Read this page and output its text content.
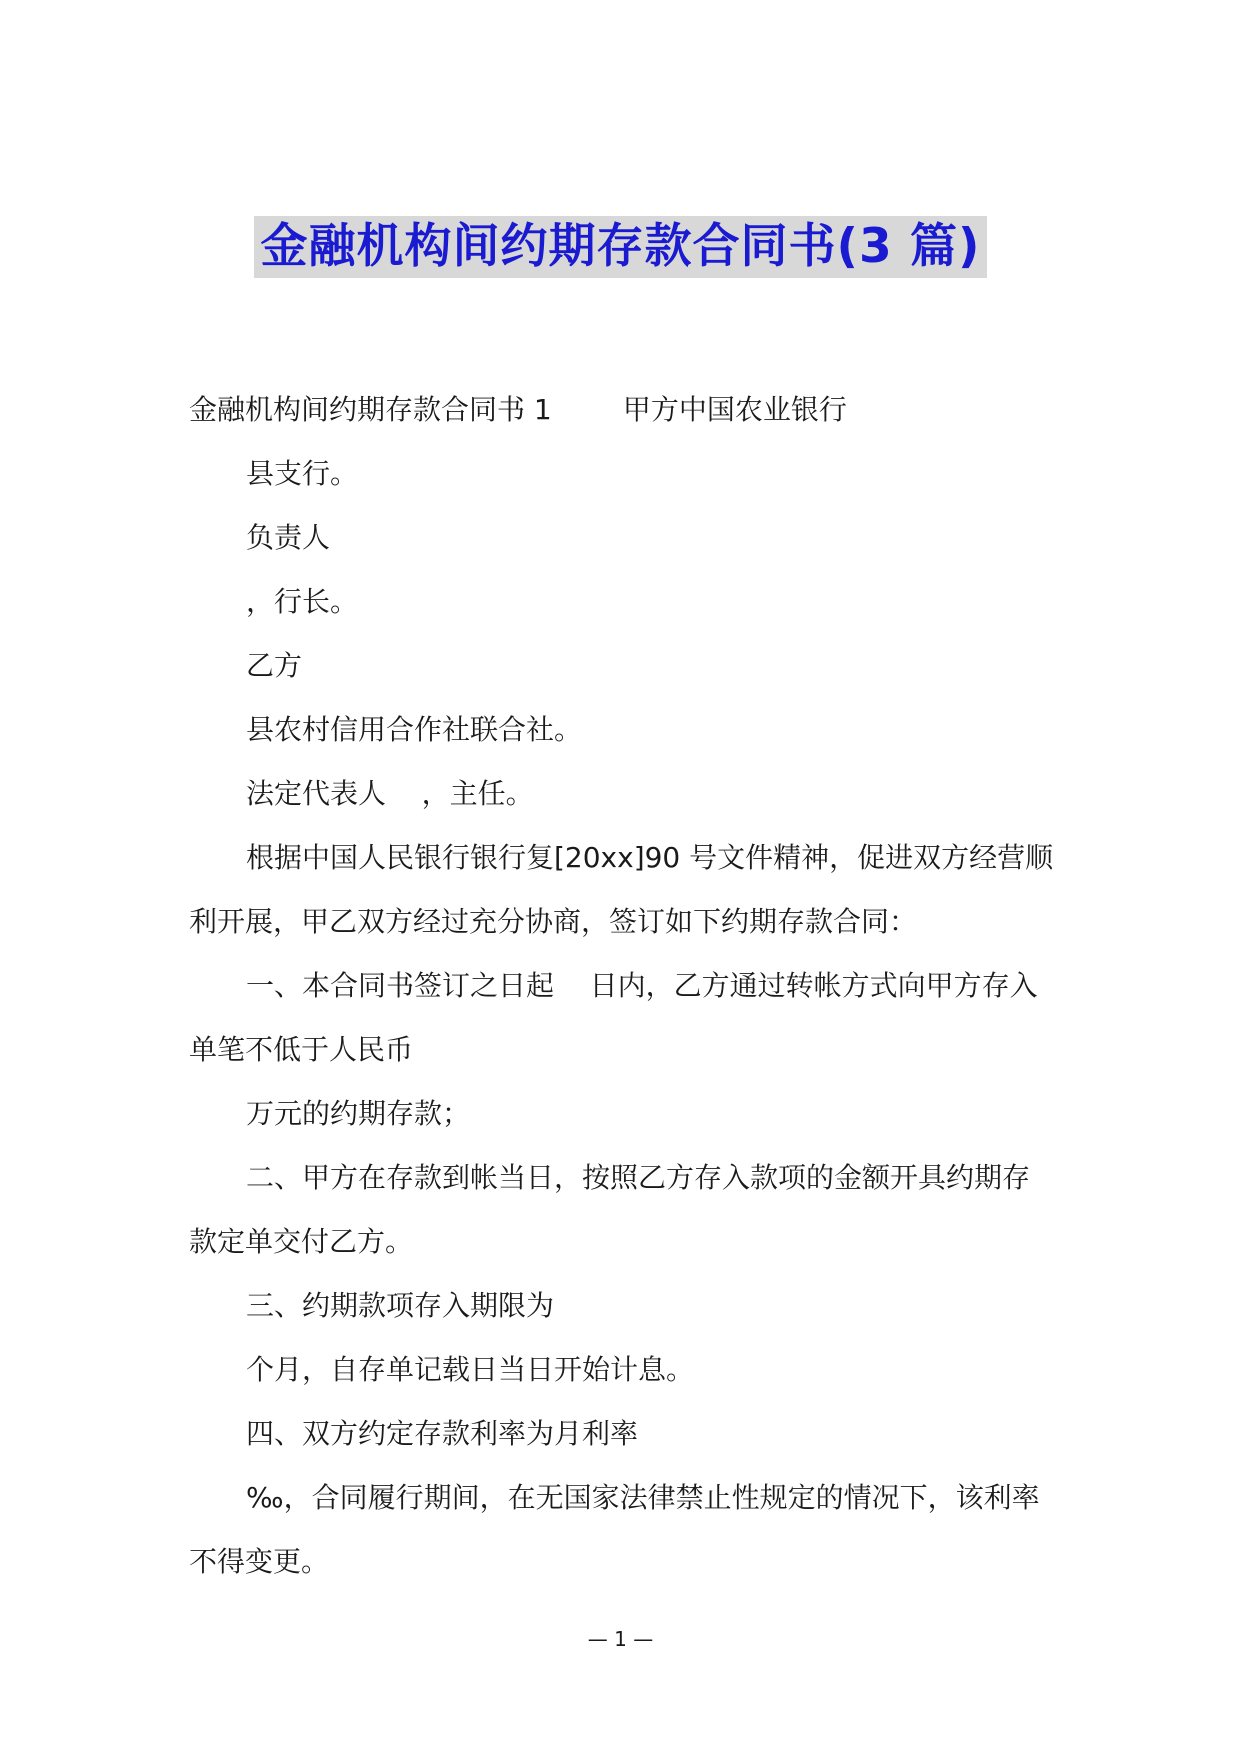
金融机构间约期存款合同书(3 篇)
金融机构间约期存款合同书 1        甲方中国农业银行
县支行。
负责人
，行长。
乙方
县农村信用合作社联合社。
法定代表人    ，主任。
根据中国人民银行银行复[20xx]90 号文件精神，促进双方经营顺
利开展，甲乙双方经过充分协商，签订如下约期存款合同：
一、本合同书签订之日起    日内，乙方通过转帐方式向甲方存入
单笔不低于人民币
万元的约期存款；
二、甲方在存款到帐当日，按照乙方存入款项的金额开具约期存
款定单交付乙方。
三、约期款项存入期限为
个月，自存单记载日当日开始计息。
四、双方约定存款利率为月利率
‰，合同履行期间，在无国家法律禁止性规定的情况下，该利率
不得变更。
— 1 —
